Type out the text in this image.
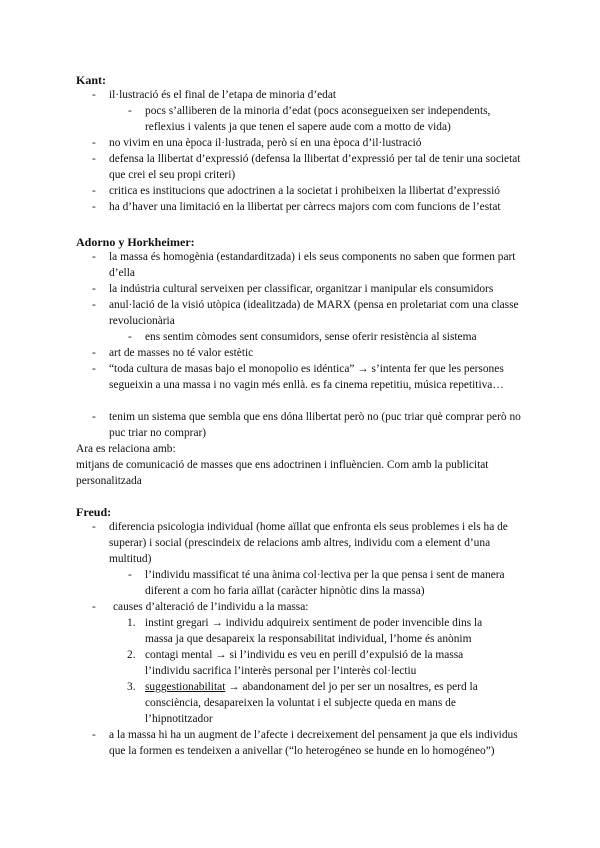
Kant:
- il·lustració és el final de l’etapa de minoria d’edat
- pocs s’alliberen de la minoria d’edat (pocs aconsegueixen ser independents, reflexius i valents ja que tenen el sapere aude com a motto de vida)
- no vivim en una època il·lustrada, però sí en una època d’il·lustració
- defensa la llibertat d’expressió (defensa la llibertat d’expressió per tal de tenir una societat que crei el seu propi criteri)
- critica es institucions que adoctrinen a la societat i prohibeixen la llibertat d’expressió
- ha d’haver una limitació en la llibertat per càrrecs majors com com funcions de l’estat
Adorno y Horkheimer:
- la massa és homogènia (estandarditzada) i els seus components no saben que formen part d’ella
- la indústria cultural serveixen per classificar, organitzar i manipular els consumidors
- anul·lació de la visió utòpica (idealitzada) de MARX (pensa en proletariat com una classe revolucionària
- ens sentim còmodes sent consumidors, sense oferir resistència al sistema
- art de masses no té valor estètic
- “toda cultura de masas bajo el monopolio es idéntica” → s’intenta fer que les persones segueixin a una massa i no vagin més enllà. es fa cinema repetitiu, música repetitiva…
- tenim un sistema que sembla que ens dóna llibertat però no (puc triar què comprar però no puc triar no comprar)
Ara es relaciona amb:
mitjans de comunicació de masses que ens adoctrinen i influèncien. Com amb la publicitat personalitzada
Freud:
- diferencia psicologia individual (home aïllat que enfronta els seus problemes i els ha de superar) i social (prescindeix de relacions amb altres, individu com a element d’una multitud)
- l’individu massificat té una ànima col·lectiva per la que pensa i sent de manera diferent a com ho faria aïllat (caràcter hipnòtic dins la massa)
- causes d’alteració de l’individu a la massa:
1. instint gregari → individu adquireix sentiment de poder invencible dins la massa ja que desapareix la responsabilitat individual, l’home és anònim
2. contagi mental → si l’individu es veu en perill d’expulsió de la massa l’individu sacrifica l’interès personal per l’interès col·lectiu
3. suggestionabilitat → abandonament del jo per ser un nosaltres, es perd la consciència, desapareixen la voluntat i el subjecte queda en mans de l’hipnotitzador
- a la massa hi ha un augment de l’afecte i decreixement del pensament ja que els individus que la formen es tendeixen a anivellar (“lo heterogéneo se hunde en lo homogéneo”)
